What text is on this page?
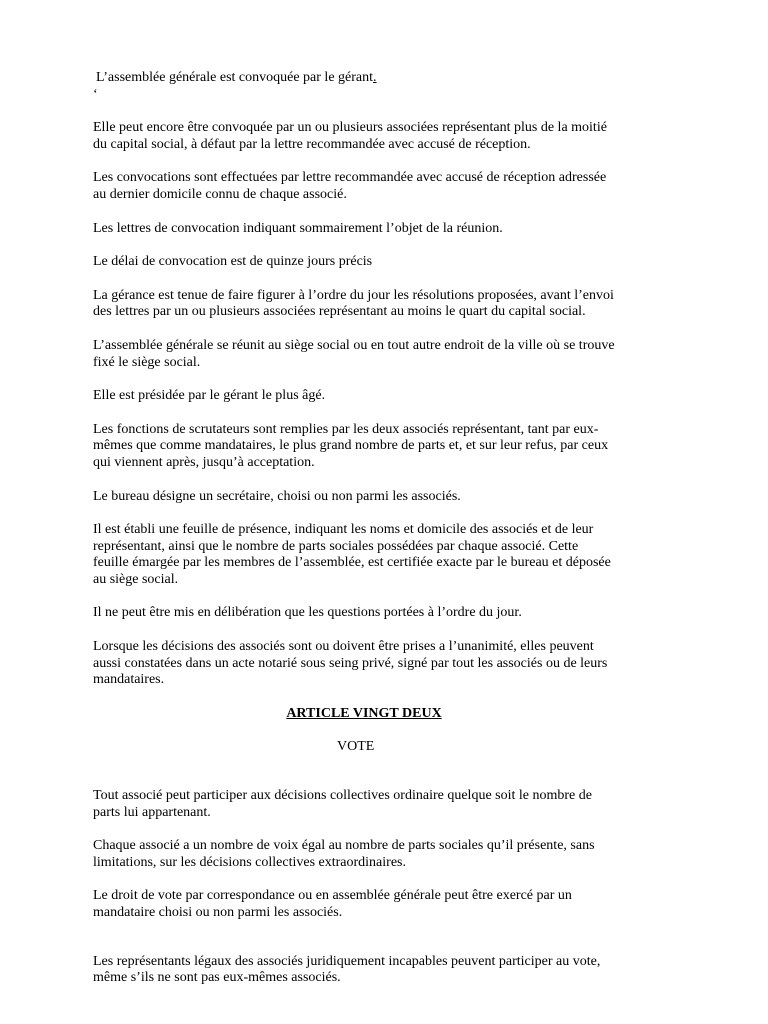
L’assemblée générale est convoquée par le gérant.

‘

Elle peut encore être convoquée par un ou plusieurs associées représentant plus de la moitié

du capital social, à défaut par la lettre recommandée avec accusé de réception.

Les convocations sont effectuées par lettre recommandée avec accusé de réception adressée

au dernier domicile connu de chaque associé.

Les lettres de convocation indiquant sommairement l’objet de la réunion.

Le délai de convocation est de quinze jours précis

La gérance est tenue de faire figurer à l’ordre du jour les résolutions proposées, avant l’envoi

des lettres par un ou plusieurs associées représentant au moins le quart du capital social.

L’assemblée générale se réunit au siège social ou en tout autre endroit de la ville où se trouve

fixé le siège social.

Elle est présidée par le gérant le plus âgé.

Les fonctions de scrutateurs sont remplies par les deux associés représentant, tant par eux-

mêmes que comme mandataires, le plus grand nombre de parts et, et sur leur refus, par ceux

qui viennent après, jusqu’à acceptation.

Le bureau désigne un secrétaire, choisi ou non parmi les associés.

Il est établi une feuille de présence, indiquant les noms et domicile des associés et de leur

représentant, ainsi que le nombre de parts sociales possédées par chaque associé. Cette

feuille émargée par les membres de l’assemblée, est certifiée exacte par le bureau et déposée

au siège social.

Il ne peut être mis en délibération que les questions portées à l’ordre du jour.

Lorsque les décisions des associés sont ou doivent être prises a l’unanimité, elles peuvent

aussi constatées dans un acte notarié sous seing privé, signé par tout les associés ou de leurs

mandataires.

ARTICLE VINGT DEUX

VOTE

Tout associé peut participer aux décisions collectives ordinaire quelque soit le nombre de

parts lui appartenant.

Chaque associé a un nombre de voix égal au nombre de parts sociales qu’il présente, sans

limitations, sur les décisions collectives extraordinaires.

Le droit de vote par correspondance ou en assemblée générale peut être exercé par un

mandataire choisi ou non parmi les associés.

Les représentants légaux des associés juridiquement incapables peuvent participer au vote,

même s’ils ne sont pas eux-mêmes associés.
